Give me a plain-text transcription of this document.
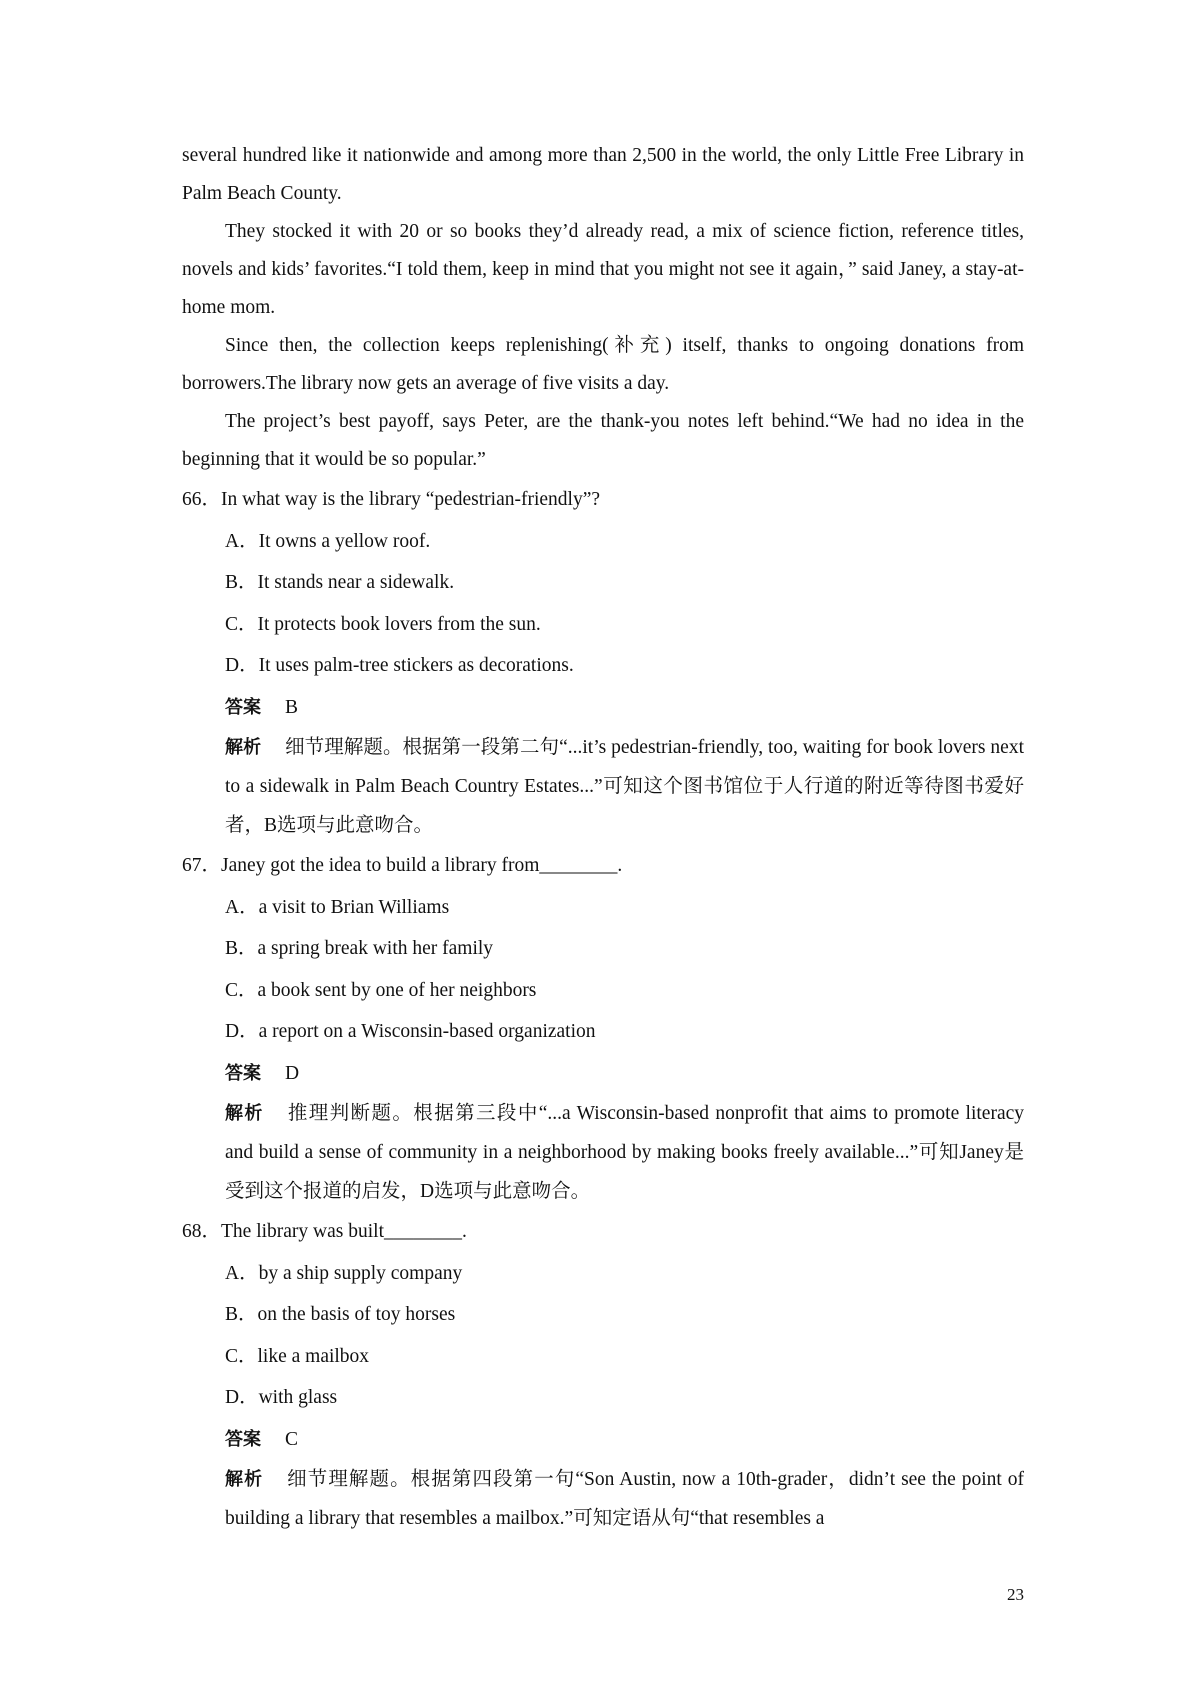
several hundred like it nationwide and among more than 2,500 in the world, the only Little Free Library in Palm Beach County.

They stocked it with 20 or so books they’d already read, a mix of science fiction, reference titles, novels and kids’ favorites.“I told them, keep in mind that you might not see it again，” said Janey, a stay-at-home mom.

Since then, the collection keeps replenishing(补充) itself, thanks to ongoing donations from borrowers.The library now gets an average of five visits a day.

The project’s best payoff, says Peter, are the thank-you notes left behind.“We had no idea in the beginning that it would be so popular.”

66．In what way is the library “pedestrian-friendly”?

A．It owns a yellow roof.

B．It stands near a sidewalk.

C．It protects book lovers from the sun.

D．It uses palm-tree stickers as decorations.

答案 B

解析 细节理解题。根据第一段第二句“...it’s pedestrian-friendly, too, waiting for book lovers next to a sidewalk in Palm Beach Country Estates...”可知这个图书馆位于人行道的附近等待图书爱好者，B选项与此意吻合。

67．Janey got the idea to build a library from________.

A．a visit to Brian Williams

B．a spring break with her family

C．a book sent by one of her neighbors

D．a report on a Wisconsin-based organization

答案 D

解析 推理判断题。根据第三段中“...a Wisconsin-based nonprofit that aims to promote literacy and build a sense of community in a neighborhood by making books freely available...”可知Janey是受到这个报道的启发，D选项与此意吻合。

68．The library was built________.

A．by a ship supply company

B．on the basis of toy horses

C．like a mailbox

D．with glass

答案 C

解析 细节理解题。根据第四段第一句“Son Austin, now a 10th-grader，didn’t see the point of building a library that resembles a mailbox.”可知定语从句“that resembles a

23
